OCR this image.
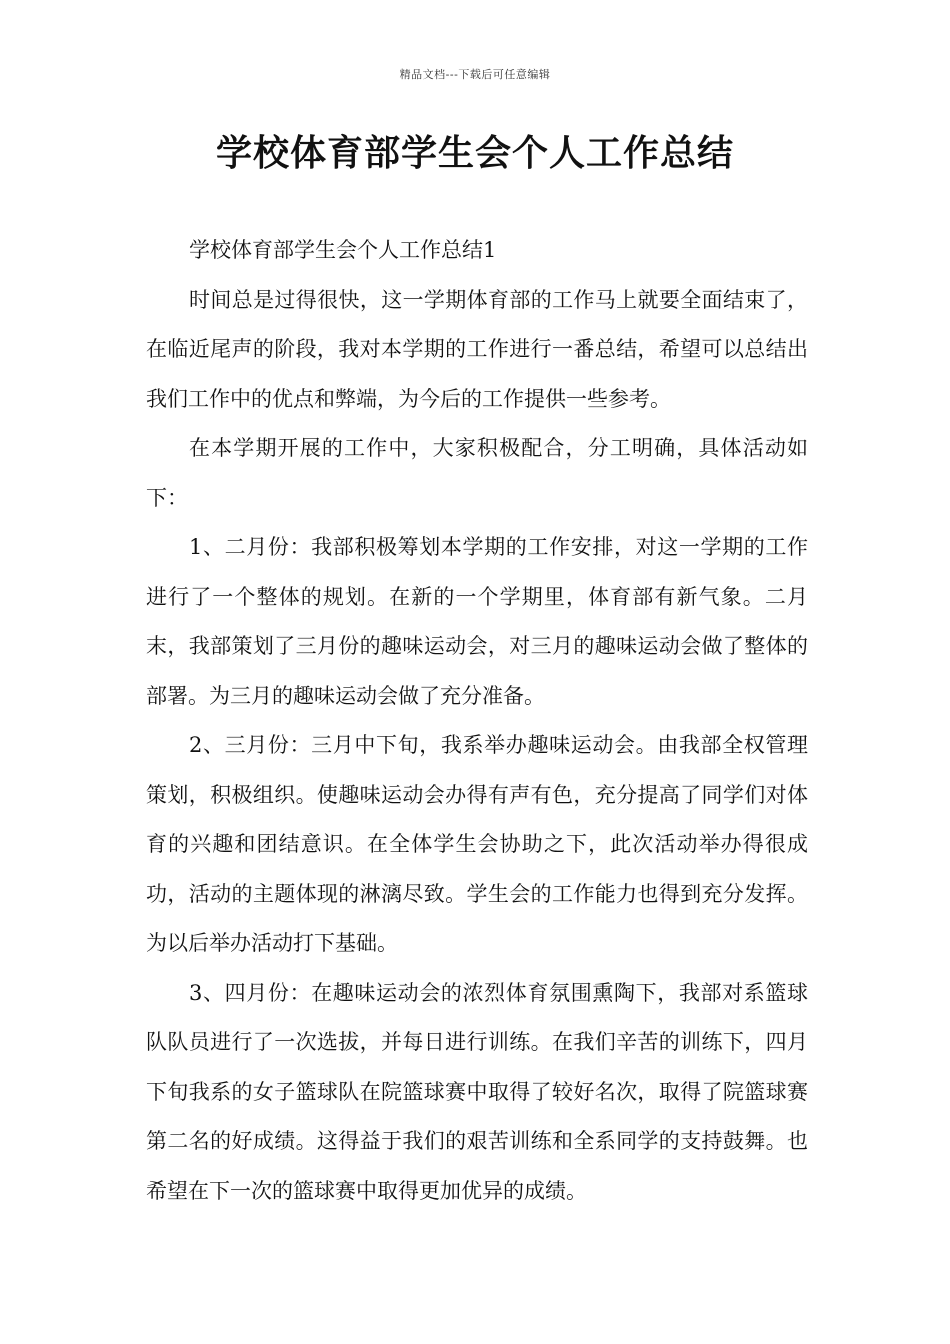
精品文档---下载后可任意编辑
学校体育部学生会个人工作总结

学校体育部学生会个人工作总结1

时间总是过得很快，这一学期体育部的工作马上就要全面结束了，在临近尾声的阶段，我对本学期的工作进行一番总结，希望可以总结出我们工作中的优点和弊端，为今后的工作提供一些参考。

在本学期开展的工作中，大家积极配合，分工明确，具体活动如下：

1、二月份：我部积极筹划本学期的工作安排，对这一学期的工作进行了一个整体的规划。在新的一个学期里，体育部有新气象。二月末，我部策划了三月份的趣味运动会，对三月的趣味运动会做了整体的部署。为三月的趣味运动会做了充分准备。

2、三月份：三月中下旬，我系举办趣味运动会。由我部全权管理策划，积极组织。使趣味运动会办得有声有色，充分提高了同学们对体育的兴趣和团结意识。在全体学生会协助之下，此次活动举办得很成功，活动的主题体现的淋漓尽致。学生会的工作能力也得到充分发挥。为以后举办活动打下基础。

3、四月份：在趣味运动会的浓烈体育氛围熏陶下，我部对系篮球队队员进行了一次选拔，并每日进行训练。在我们辛苦的训练下，四月下旬我系的女子篮球队在院篮球赛中取得了较好名次，取得了院篮球赛第二名的好成绩。这得益于我们的艰苦训练和全系同学的支持鼓舞。也希望在下一次的篮球赛中取得更加优异的成绩。
